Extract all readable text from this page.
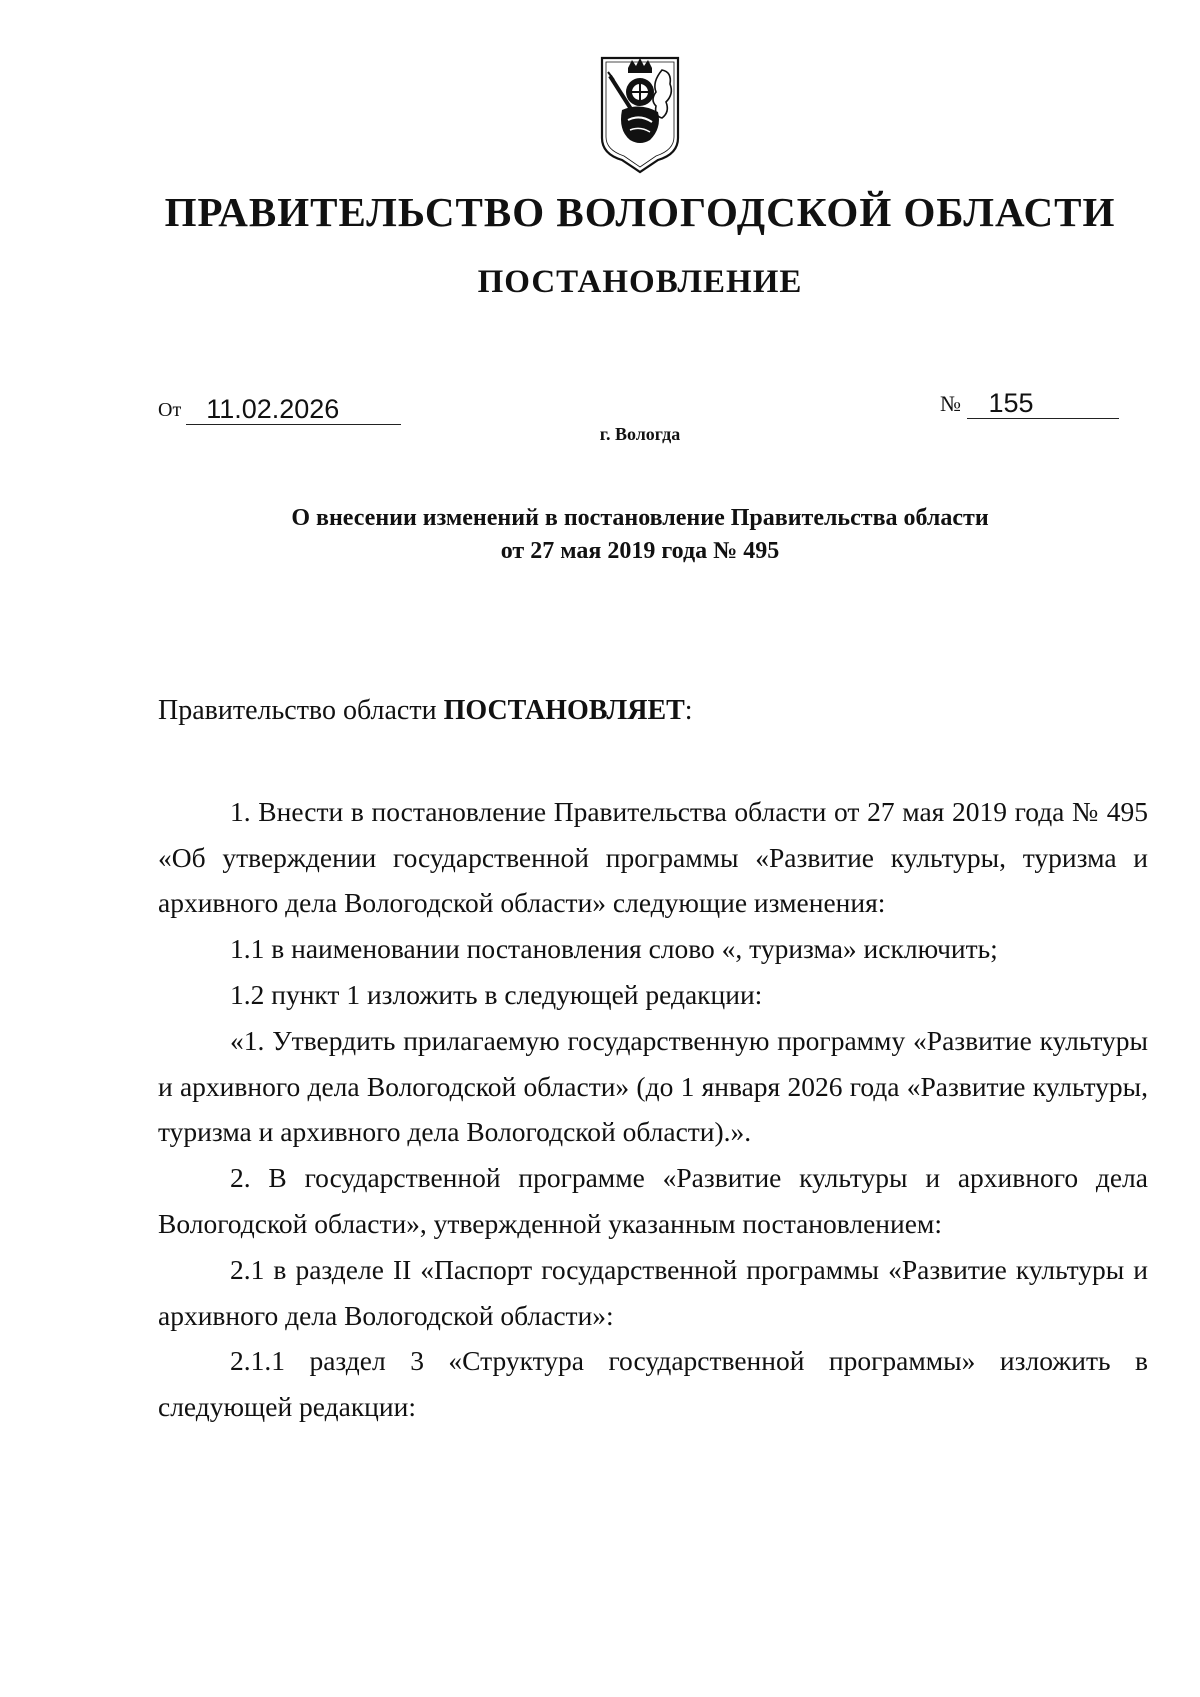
ПРАВИТЕЛЬСТВО ВОЛОГОДСКОЙ ОБЛАСТИ
ПОСТАНОВЛЕНИЕ
От 11.02.2026	№ 155
г. Вологда
О внесении изменений в постановление Правительства области
от 27 мая 2019 года № 495

Правительство области ПОСТАНОВЛЯЕТ:

1. Внести в постановление Правительства области от 27 мая 2019 года № 495 «Об утверждении государственной программы «Развитие культуры, туризма и архивного дела Вологодской области» следующие изменения:

1.1 в наименовании постановления слово «, туризма» исключить;

1.2 пункт 1 изложить в следующей редакции:

«1. Утвердить прилагаемую государственную программу «Развитие культуры и архивного дела Вологодской области» (до 1 января 2026 года «Развитие культуры, туризма и архивного дела Вологодской области).».

2. В государственной программе «Развитие культуры и архивного дела Вологодской области», утвержденной указанным постановлением:

2.1 в разделе II «Паспорт государственной программы «Развитие культуры и архивного дела Вологодской области»:

2.1.1 раздел 3 «Структура государственной программы» изложить в следующей редакции:
